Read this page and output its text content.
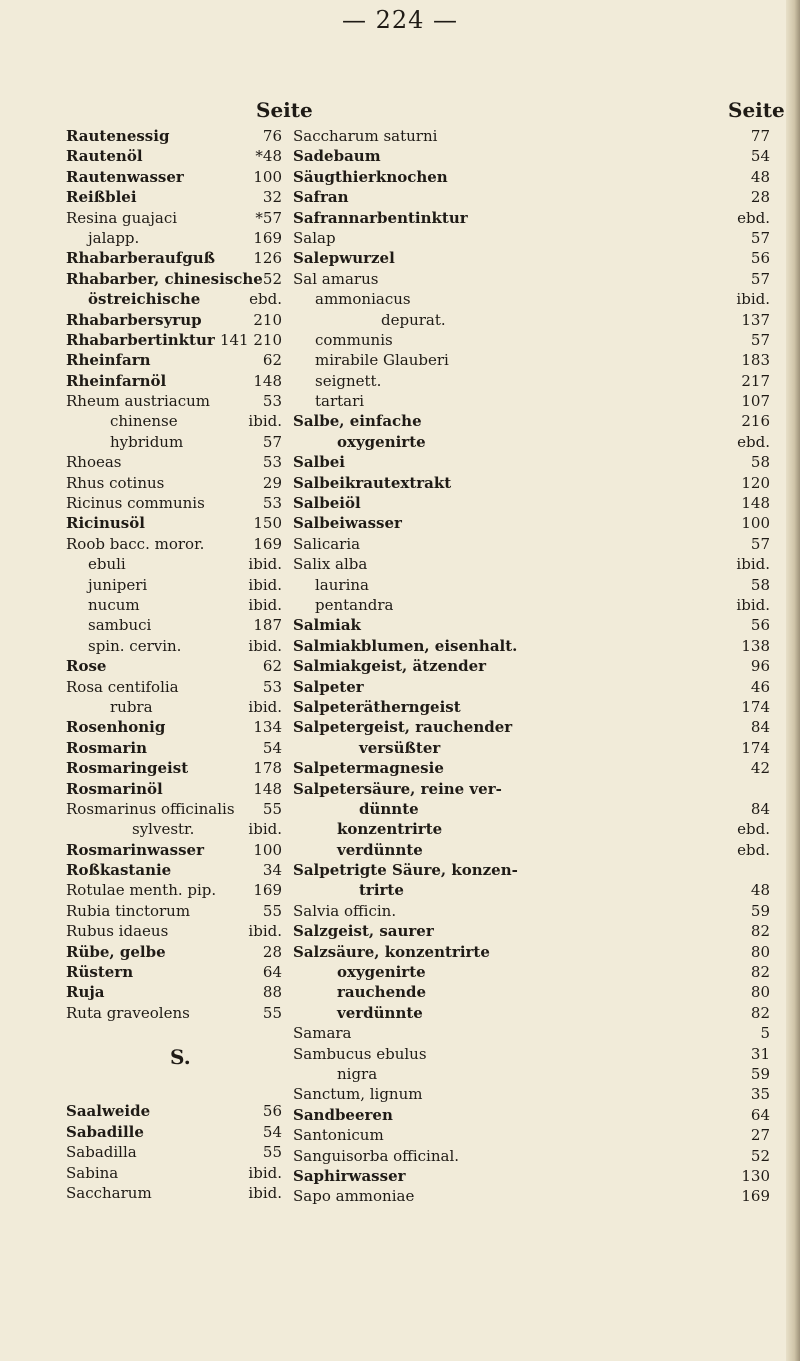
— 224 —
Seite	Seite
Rautenessig	76
Rautenöl	*48
Rautenwasser	100
Reißblei	32
Resina guajaci	*57
jalapp.	169
Rhabarberaufguß	126
Rhabarber, chinesische 52
östreichische	ebd.
Rhabarbersyrup	210
Rhabarbertinktur 141 210
Rheinfarn	62
Rheinfarnöl	148
Rheum austriacum	53
chinense	ibid.
hybridum	57
Rhoeas	53
Rhus cotinus	29
Ricinus communis	53
Ricinusöl	150
Roob bacc. moror.	169
ebuli	ibid.
juniperi	ibid.
nucum	ibid.
sambuci	187
spin. cervin.	ibid.
Rose	62
Rosa centifolia	53
rubra	ibid.
Rosenhonig	134
Rosmarin	54
Rosmaringeist	178
Rosmarinöl	148
Rosmarinus officinalis	55
sylvestr.	ibid.
Rosmarinwasser	100
Roßkastanie	34
Rotulae menth. pip.	169
Rubia tinctorum	55
Rubus idaeus	ibid.
Rübe, gelbe	28
Rüstern	64
Ruja	88
Ruta graveolens	55
Saccharum saturni	77
Sadebaum	54
Säugthierknochen	48
Safran	28
Safrannarbentinktur	ebd.
Salap	57
Salepwurzel	56
Sal amarus	57
ammoniacus	ibid.
depurat.	137
communis	57
mirabile Glauberi	183
seignett.	217
tartari	107
Salbe, einfache	216
oxygenirte	ebd.
Salbei	58
Salbeikrautextrakt	120
Salbeiöl	148
Salbeiwasser	100
Salicaria	57
Salix alba	ibid.
laurina	58
pentandra	ibid.
Salmiak	56
Salmiakblumen, eisenhalt.	138
Salmiakgeist, ätzender	96
Salpeter	46
Salpeterätherngeist	174
Salpetergeist, rauchender	84
versüßter	174
Salpetermagnesie	42
Salpetersäure, reine ver-
dünnte	84
konzentrirte	ebd.
verdünnte	ebd.
Salpetrigte Säure, konzen-
trirte	48
Salvia officin.	59
Salzgeist, saurer	82
Salzsäure, konzentrirte	80
oxygenirte	82
rauchende	80
verdünnte	82
Samara	5
Sambucus ebulus	31
nigra	59
Sanctum, lignum	35
Sandbeeren	64
Santonicum	27
Sanguisorba officinal.	52
Saphirwasser	130
Sapo ammoniae	169
S.
Saalweide	56
Sabadille	54
Sabadilla	55
Sabina	ibid.
Saccharum	ibid.
